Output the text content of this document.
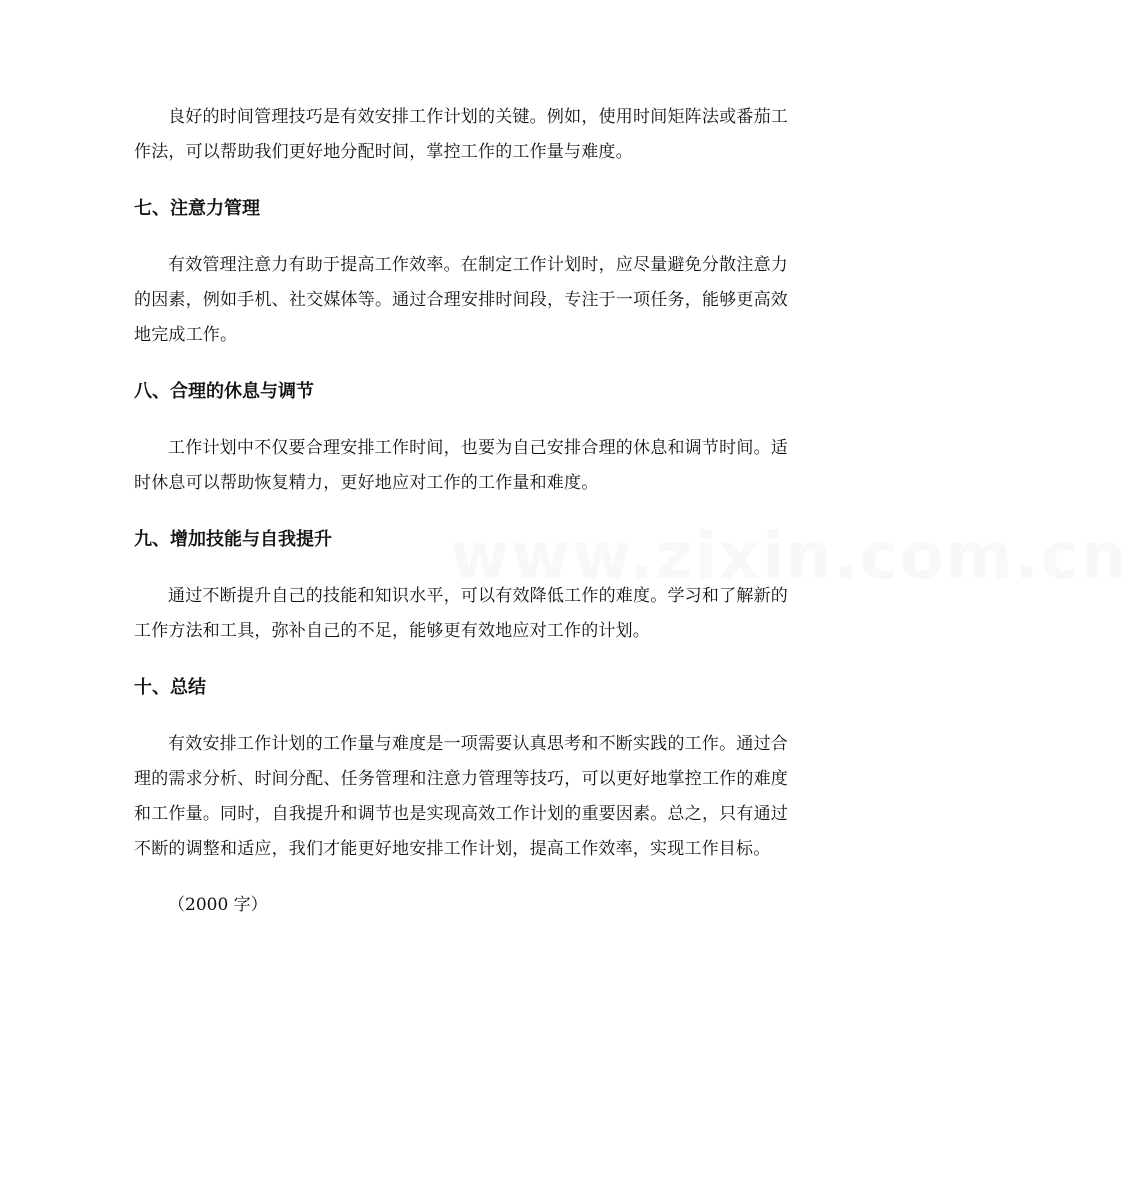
良好的时间管理技巧是有效安排工作计划的关键。例如，使用时间矩阵法或番茄工作法，可以帮助我们更好地分配时间，掌控工作的工作量与难度。

七、注意力管理

有效管理注意力有助于提高工作效率。在制定工作计划时，应尽量避免分散注意力的因素，例如手机、社交媒体等。通过合理安排时间段，专注于一项任务，能够更高效地完成工作。

八、合理的休息与调节

工作计划中不仅要合理安排工作时间，也要为自己安排合理的休息和调节时间。适时休息可以帮助恢复精力，更好地应对工作的工作量和难度。

九、增加技能与自我提升

通过不断提升自己的技能和知识水平，可以有效降低工作的难度。学习和了解新的工作方法和工具，弥补自己的不足，能够更有效地应对工作的计划。

十、总结

有效安排工作计划的工作量与难度是一项需要认真思考和不断实践的工作。通过合理的需求分析、时间分配、任务管理和注意力管理等技巧，可以更好地掌控工作的难度和工作量。同时，自我提升和调节也是实现高效工作计划的重要因素。总之，只有通过不断的调整和适应，我们才能更好地安排工作计划，提高工作效率，实现工作目标。

（2000 字）

www.zixin.com.cn
